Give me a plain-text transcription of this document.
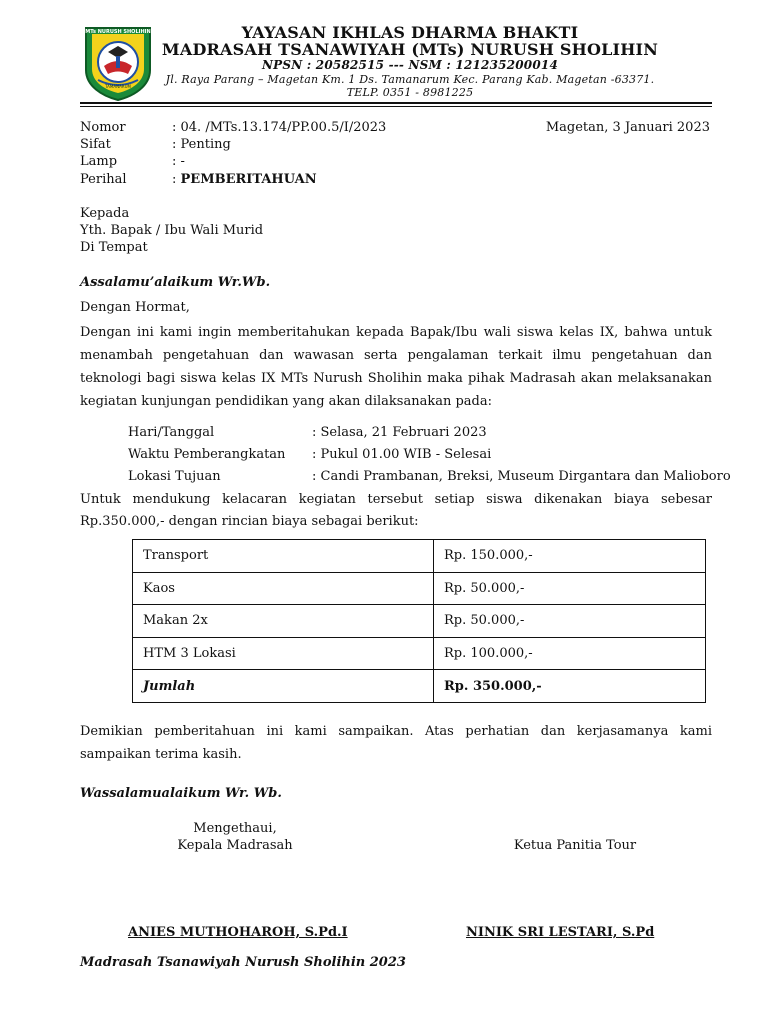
MTs NURUSH SHOLIHIN
TAMANARUM
YAYASAN IKHLAS DHARMA BHAKTI
MADRASAH TSANAWIYAH (MTs) NURUSH SHOLIHIN
NPSN : 20582515 --- NSM : 121235200014
Jl. Raya Parang – Magetan Km. 1 Ds. Tamanarum Kec. Parang Kab. Magetan -63371.
TELP. 0351 - 8981225
Nomor	: 04. /MTs.13.174/PP.00.5/I/2023	Magetan, 3 Januari 2023
Sifat	: Penting
Lamp	: -
Perihal	: PEMBERITAHUAN
Kepada
Yth. Bapak / Ibu Wali Murid
Di Tempat
Assalamu’alaikum Wr.Wb.
Dengan Hormat,
Dengan ini kami ingin memberitahukan kepada Bapak/Ibu wali siswa kelas IX, bahwa untuk menambah pengetahuan dan wawasan serta pengalaman terkait ilmu pengetahuan dan teknologi bagi siswa kelas IX MTs Nurush Sholihin maka pihak Madrasah akan melaksanakan kegiatan kunjungan pendidikan yang akan dilaksanakan pada:
Hari/Tanggal	: Selasa, 21 Februari 2023
Waktu Pemberangkatan : Pukul 01.00 WIB - Selesai
Lokasi Tujuan	: Candi Prambanan, Breksi, Museum Dirgantara dan Malioboro
Untuk mendukung kelacaran kegiatan tersebut setiap siswa dikenakan biaya sebesar Rp.350.000,- dengan rincian biaya sebagai berikut:
Transport	Rp. 150.000,-
Kaos	Rp. 50.000,-
Makan 2x	Rp. 50.000,-
HTM 3 Lokasi	Rp. 100.000,-
Jumlah	Rp. 350.000,-
Demikian pemberitahuan ini kami sampaikan. Atas perhatian dan kerjasamanya kami sampaikan terima kasih.
Wassalamualaikum Wr. Wb.
Mengethaui,
Kepala Madrasah	Ketua Panitia Tour
ANIES MUTHOHAROH, S.Pd.I	NINIK SRI LESTARI, S.Pd
Madrasah Tsanawiyah Nurush Sholihin 2023
